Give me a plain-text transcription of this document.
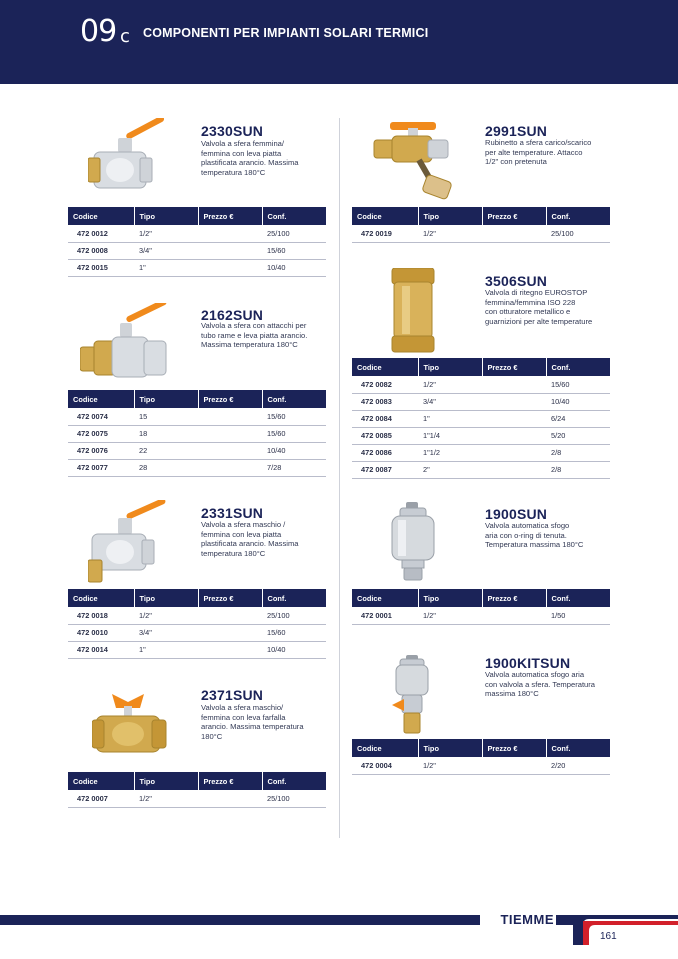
09 c COMPONENTI PER IMPIANTI SOLARI TERMICI
2330SUN
Valvola a sfera femmina/
femmina con leva piatta
plastificata arancio. Massima
temperatura 180°C
Codice	Tipo	Prezzo €	Conf.
472 0012	1/2"		25/100
472 0008	3/4"		15/60
472 0015	1"		10/40
2162SUN
Valvola a sfera con attacchi per
tubo rame e leva piatta arancio.
Massima temperatura 180°C
Codice	Tipo	Prezzo €	Conf.
472 0074	15		15/60
472 0075	18		15/60
472 0076	22		10/40
472 0077	28		7/28
2331SUN
Valvola a sfera maschio /
femmina con leva piatta
plastificata arancio. Massima
temperatura 180°C
Codice	Tipo	Prezzo €	Conf.
472 0018	1/2"		25/100
472 0010	3/4"		15/60
472 0014	1"		10/40
2371SUN
Valvola a sfera maschio/
femmina con leva farfalla
arancio. Massima temperatura
180°C
Codice	Tipo	Prezzo €	Conf.
472 0007	1/2"		25/100
2991SUN
Rubinetto a sfera carico/scarico
per alte temperature. Attacco
1/2" con pretenuta
Codice	Tipo	Prezzo €	Conf.
472 0019	1/2"		25/100
3506SUN
Valvola di ritegno EUROSTOP
femmina/femmina ISO 228
con otturatore metallico e
guarnizioni per alte temperature
Codice	Tipo	Prezzo €	Conf.
472 0082	1/2"		15/60
472 0083	3/4"		10/40
472 0084	1"		6/24
472 0085	1"1/4		5/20
472 0086	1"1/2		2/8
472 0087	2"		2/8
1900SUN
Valvola automatica sfogo
aria con o-ring di tenuta.
Temperatura massima 180°C
Codice	Tipo	Prezzo €	Conf.
472 0001	1/2"		1/50
1900KITSUN
Valvola automatica sfogo aria
con valvola a sfera. Temperatura
massima 180°C
Codice	Tipo	Prezzo €	Conf.
472 0004	1/2"		2/20
TIEMME
161
